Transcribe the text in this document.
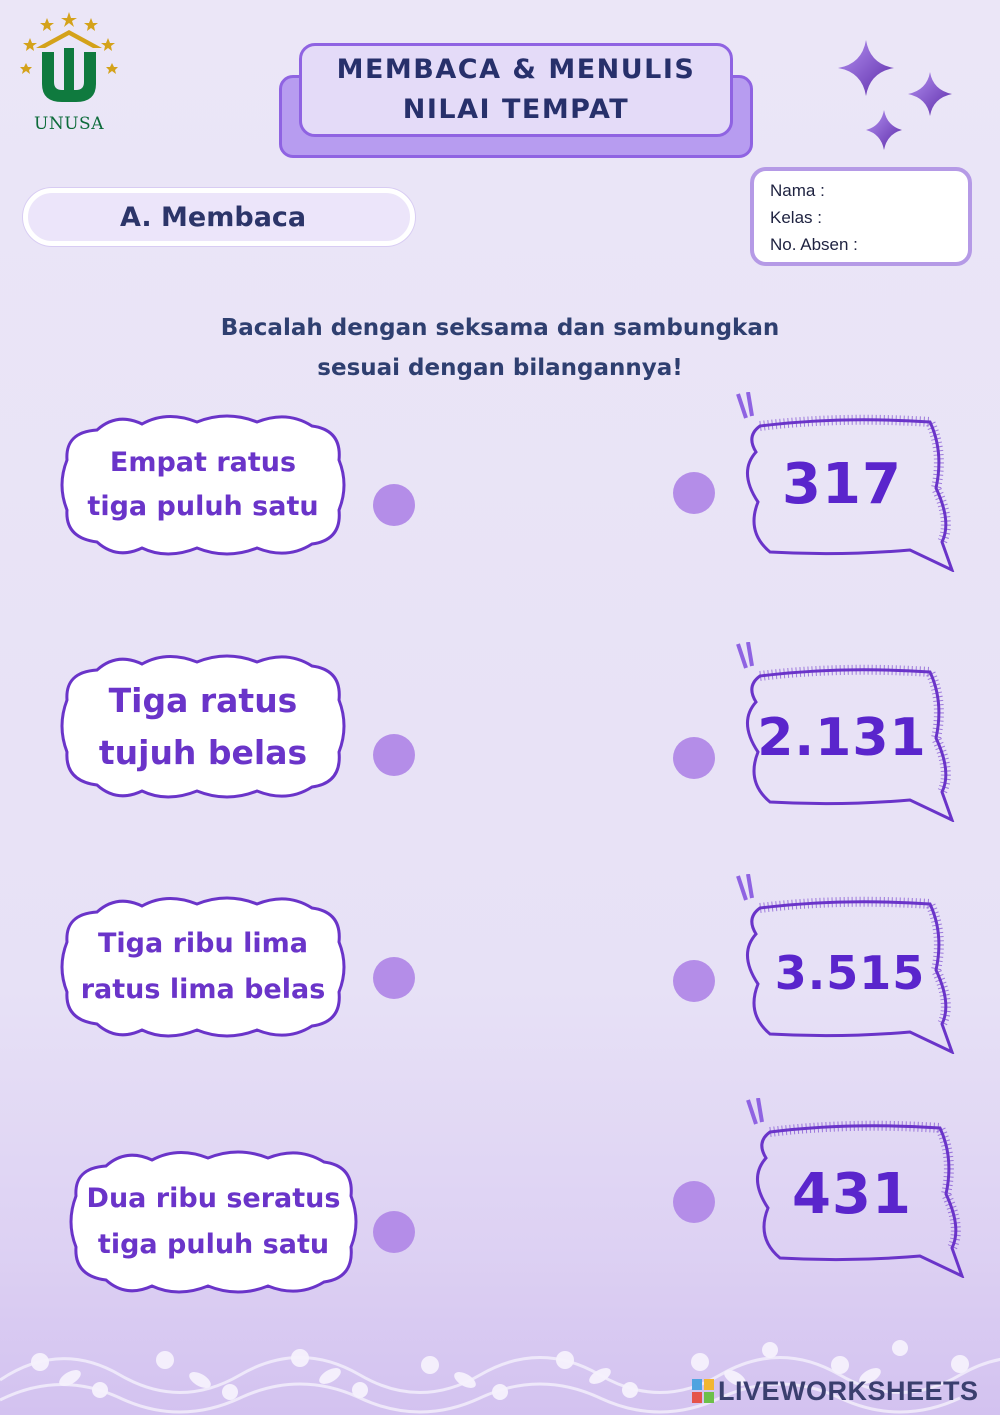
UNUSA
MEMBACA & MENULIS
NILAI TEMPAT
A. Membaca
Nama :
Kelas :
No. Absen :
Bacalah dengan seksama dan sambungkan
sesuai dengan bilangannya!
Empat ratus
tiga puluh satu
Tiga ratus
tujuh belas
Tiga ribu lima
ratus lima belas
Dua ribu seratus
tiga puluh satu
317
2.131
3.515
431
LIVEWORKSHEETS
